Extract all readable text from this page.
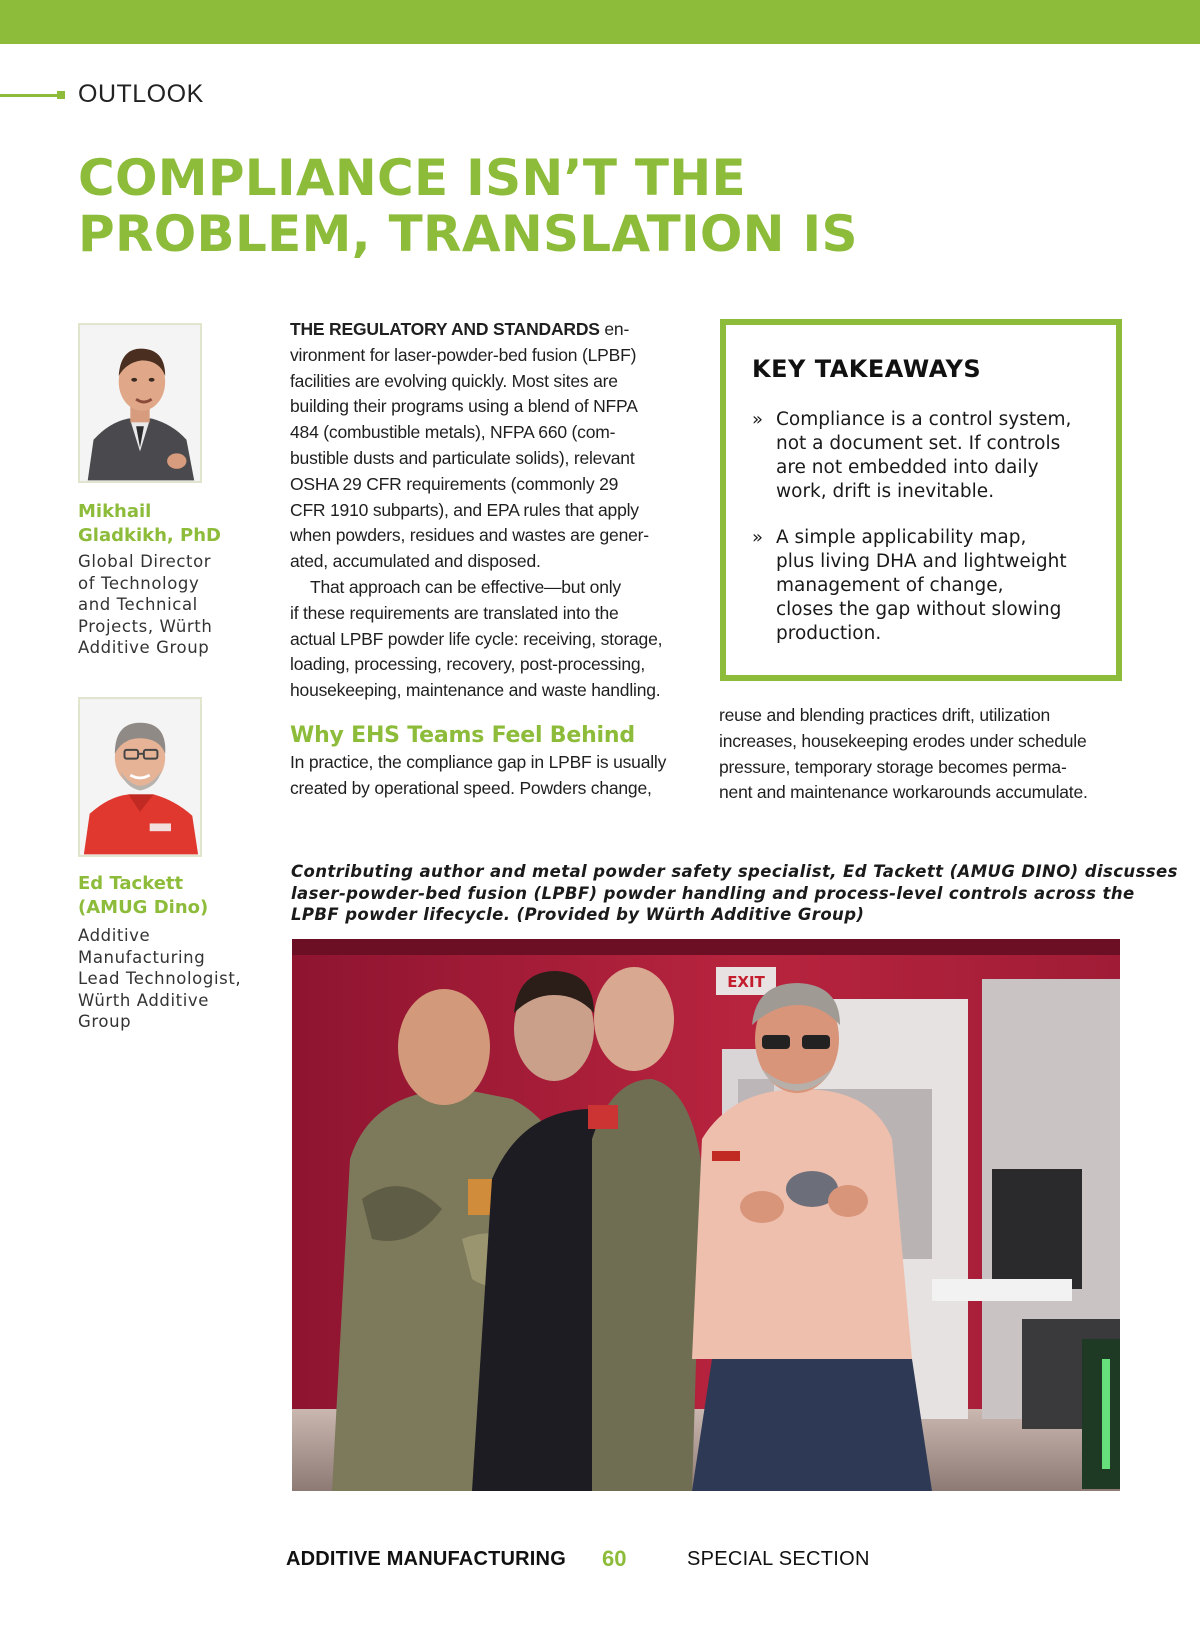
OUTLOOK
COMPLIANCE ISN’T THE
PROBLEM, TRANSLATION IS
Mikhail
Gladkikh, PhD

Global Director
of Technology
and Technical
Projects, Würth
Additive Group

Ed Tackett
(AMUG Dino)

Additive
Manufacturing
Lead Technologist,
Würth Additive
Group

THE REGULATORY AND STANDARDS en-
vironment for laser-powder-bed fusion (LPBF)
facilities are evolving quickly. Most sites are
building their programs using a blend of NFPA
484 (combustible metals), NFPA 660 (com-
bustible dusts and particulate solids), relevant
OSHA 29 CFR requirements (commonly 29
CFR 1910 subparts), and EPA rules that apply
when powders, residues and wastes are gener-
ated, accumulated and disposed.
That approach can be effective—but only
if these requirements are translated into the
actual LPBF powder life cycle: receiving, storage,
loading, processing, recovery, post-processing,
housekeeping, maintenance and waste handling.
Why EHS Teams Feel Behind
In practice, the compliance gap in LPBF is usually
created by operational speed. Powders change,
KEY TAKEAWAYS
» Compliance is a control system,
not a document set. If controls
are not embedded into daily
work, drift is inevitable.
» A simple applicability map,
plus living DHA and lightweight
management of change,
closes the gap without slowing
production.
reuse and blending practices drift, utilization
increases, housekeeping erodes under schedule
pressure, temporary storage becomes perma-
nent and maintenance workarounds accumulate.

Contributing author and metal powder safety specialist, Ed Tackett (AMUG DINO) discusses
laser-powder-bed fusion (LPBF) powder handling and process-level controls across the
LPBF powder lifecycle. (Provided by Würth Additive Group)

EXIT
ADDITIVE MANUFACTURING 60	SPECIAL SECTION
